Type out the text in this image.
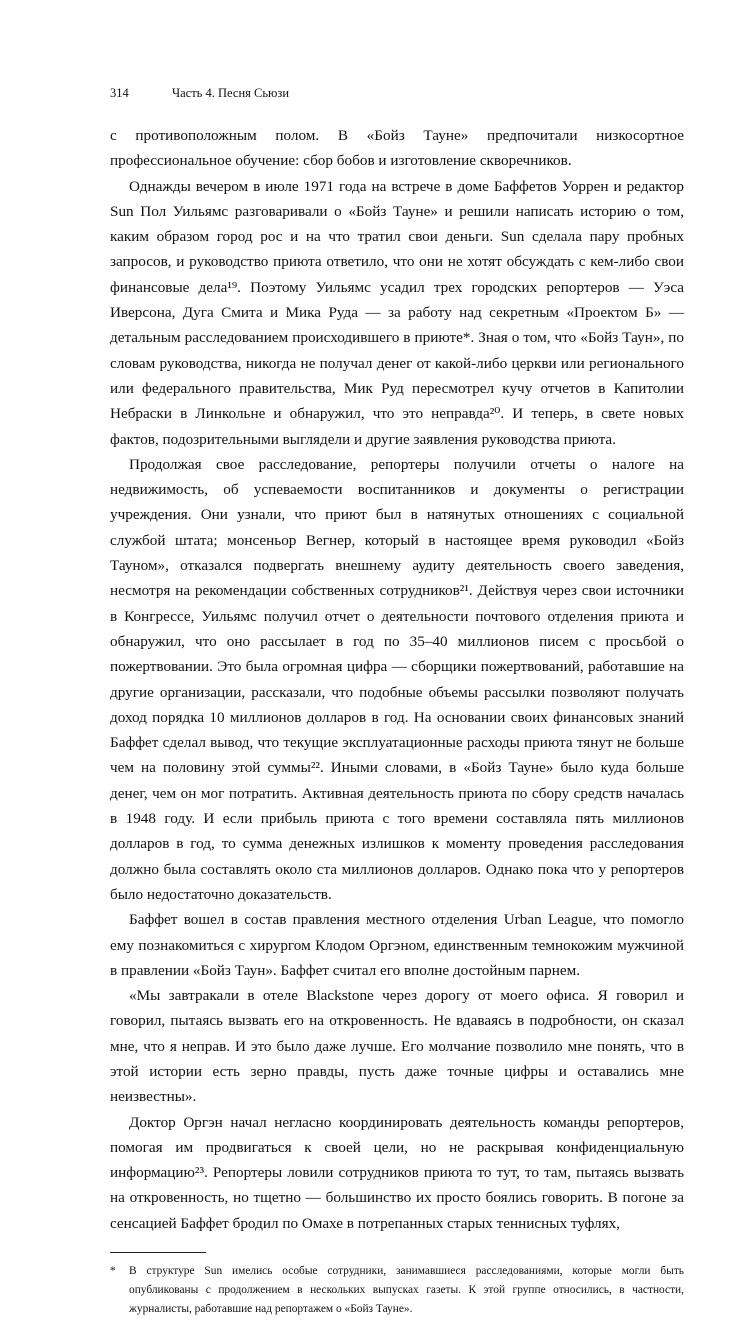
314	Часть 4. Песня Сьюзи

с противоположным полом. В «Бойз Тауне» предпочитали низкосортное профессиональное обучение: сбор бобов и изготовление скворечников.

Однажды вечером в июле 1971 года на встрече в доме Баффетов Уоррен и редактор Sun Пол Уильямс разговаривали о «Бойз Тауне» и решили написать историю о том, каким образом город рос и на что тратил свои деньги. Sun сделала пару пробных запросов, и руководство приюта ответило, что они не хотят обсуждать с кем-либо свои финансовые дела¹⁹. Поэтому Уильямс усадил трех городских репортеров — Уэса Иверсона, Дуга Смита и Мика Руда — за работу над секретным «Проектом Б» — детальным расследованием происходившего в приюте*. Зная о том, что «Бойз Таун», по словам руководства, никогда не получал денег от какой-либо церкви или регионального или федерального правительства, Мик Руд пересмотрел кучу отчетов в Капитолии Небраски в Линкольне и обнаружил, что это неправда²⁰. И теперь, в свете новых фактов, подозрительными выглядели и другие заявления руководства приюта.

Продолжая свое расследование, репортеры получили отчеты о налоге на недвижимость, об успеваемости воспитанников и документы о регистрации учреждения. Они узнали, что приют был в натянутых отношениях с социальной службой штата; монсеньор Вегнер, который в настоящее время руководил «Бойз Тауном», отказался подвергать внешнему аудиту деятельность своего заведения, несмотря на рекомендации собственных сотрудников²¹. Действуя через свои источники в Конгрессе, Уильямс получил отчет о деятельности почтового отделения приюта и обнаружил, что оно рассылает в год по 35–40 миллионов писем с просьбой о пожертвовании. Это была огромная цифра — сборщики пожертвований, работавшие на другие организации, рассказали, что подобные объемы рассылки позволяют получать доход порядка 10 миллионов долларов в год. На основании своих финансовых знаний Баффет сделал вывод, что текущие эксплуатационные расходы приюта тянут не больше чем на половину этой суммы²². Иными словами, в «Бойз Тауне» было куда больше денег, чем он мог потратить. Активная деятельность приюта по сбору средств началась в 1948 году. И если прибыль приюта с того времени составляла пять миллионов долларов в год, то сумма денежных излишков к моменту проведения расследования должно была составлять около ста миллионов долларов. Однако пока что у репортеров было недостаточно доказательств.

Баффет вошел в состав правления местного отделения Urban League, что помогло ему познакомиться с хирургом Клодом Оргэном, единственным темнокожим мужчиной в правлении «Бойз Таун». Баффет считал его вполне достойным парнем.

«Мы завтракали в отеле Blackstone через дорогу от моего офиса. Я говорил и говорил, пытаясь вызвать его на откровенность. Не вдаваясь в подробности, он сказал мне, что я неправ. И это было даже лучше. Его молчание позволило мне понять, что в этой истории есть зерно правды, пусть даже точные цифры и оставались мне неизвестны».

Доктор Оргэн начал негласно координировать деятельность команды репортеров, помогая им продвигаться к своей цели, но не раскрывая конфиденциальную информацию²³. Репортеры ловили сотрудников приюта то тут, то там, пытаясь вызвать на откровенность, но тщетно — большинство их просто боялись говорить. В погоне за сенсацией Баффет бродил по Омахе в потрепанных старых теннисных туфлях,

* В структуре Sun имелись особые сотрудники, занимавшиеся расследованиями, которые могли быть опубликованы с продолжением в нескольких выпусках газеты. К этой группе относились, в частности, журналисты, работавшие над репортажем о «Бойз Тауне».
